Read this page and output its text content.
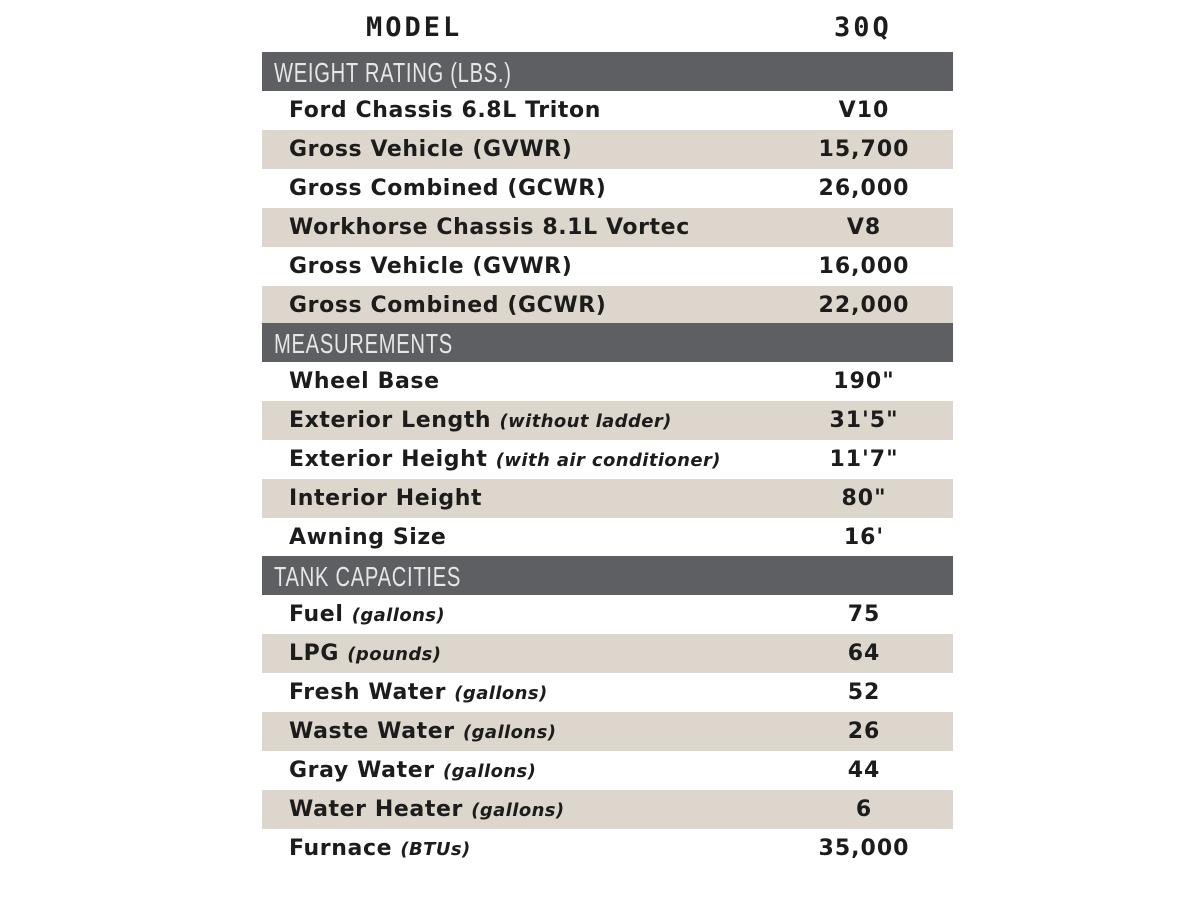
MODEL	30Q
WEIGHT RATING (LBS.)
Ford Chassis 6.8L Triton	V10
Gross Vehicle (GVWR)	15,700
Gross Combined (GCWR)	26,000
Workhorse Chassis 8.1L Vortec	V8
Gross Vehicle (GVWR)	16,000
Gross Combined (GCWR)	22,000
MEASUREMENTS
Wheel Base	190"
Exterior Length (without ladder)	31'5"
Exterior Height (with air conditioner)	11'7"
Interior Height	80"
Awning Size	16'
TANK CAPACITIES
Fuel (gallons)	75
LPG (pounds)	64
Fresh Water (gallons)	52
Waste Water (gallons)	26
Gray Water (gallons)	44
Water Heater (gallons)	6
Furnace (BTUs)	35,000
